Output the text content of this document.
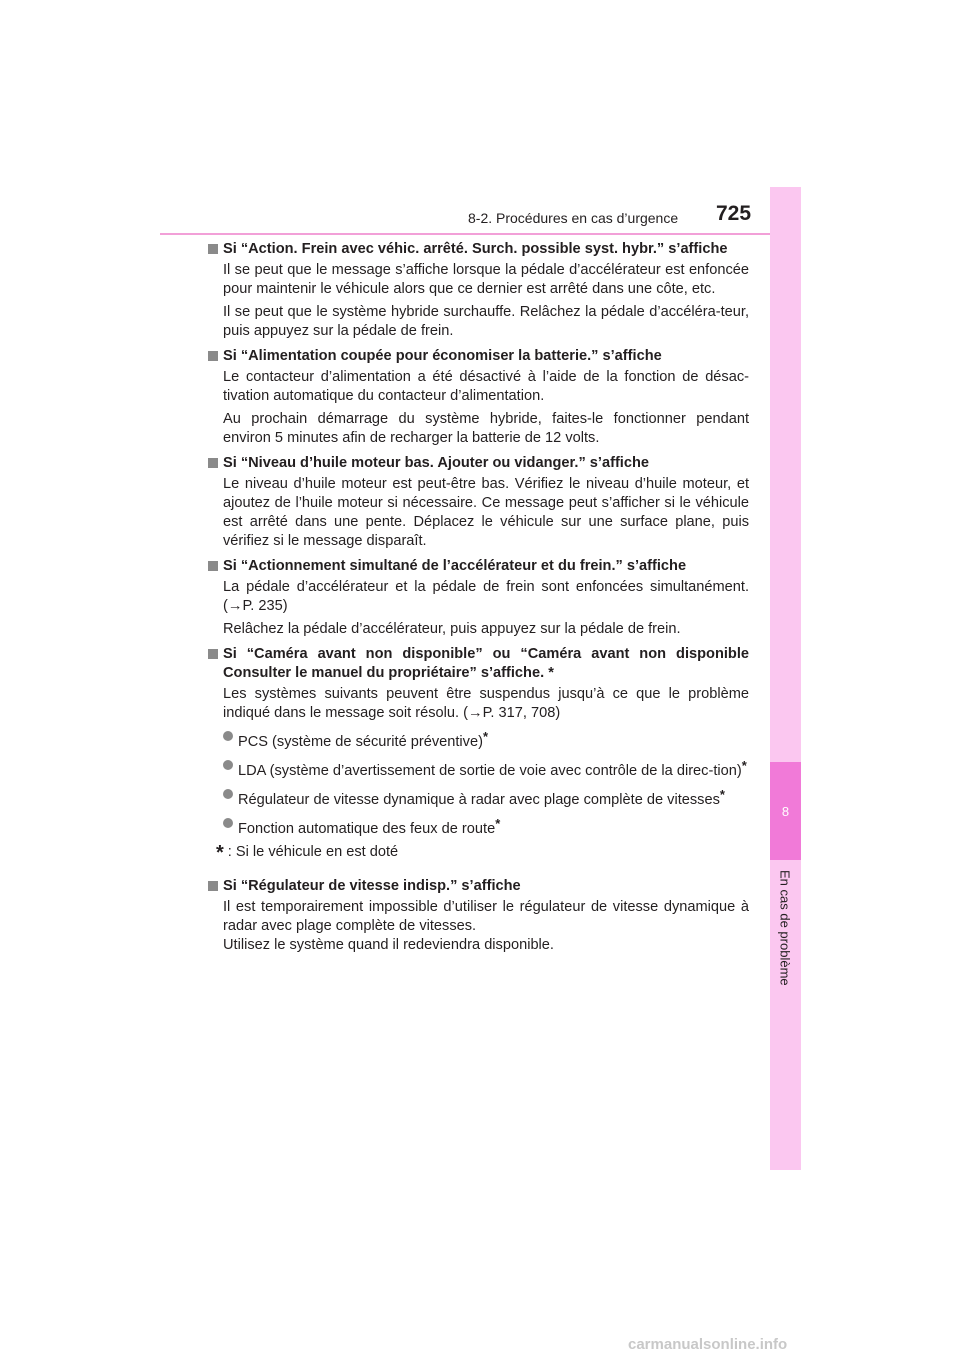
8-2. Procédures en cas d’urgence 725
8
En cas de problème
Si “Action. Frein avec véhic. arrêté. Surch. possible syst. hybr.” s’affiche

Il se peut que le message s’affiche lorsque la pédale d’accélérateur est enfoncée pour maintenir le véhicule alors que ce dernier est arrêté dans une côte, etc.

Il se peut que le système hybride surchauffe. Relâchez la pédale d’accéléra-teur, puis appuyez sur la pédale de frein.

Si “Alimentation coupée pour économiser la batterie.” s’affiche

Le contacteur d’alimentation a été désactivé à l’aide de la fonction de désac-tivation automatique du contacteur d’alimentation.

Au prochain démarrage du système hybride, faites-le fonctionner pendant environ 5 minutes afin de recharger la batterie de 12 volts.

Si “Niveau d’huile moteur bas. Ajouter ou vidanger.” s’affiche

Le niveau d’huile moteur est peut-être bas. Vérifiez le niveau d’huile moteur, et ajoutez de l’huile moteur si nécessaire. Ce message peut s’afficher si le véhicule est arrêté dans une pente. Déplacez le véhicule sur une surface plane, puis vérifiez si le message disparaît.

Si “Actionnement simultané de l’accélérateur et du frein.” s’affiche

La pédale d’accélérateur et la pédale de frein sont enfoncées simultanément. (→P. 235)

Relâchez la pédale d’accélérateur, puis appuyez sur la pédale de frein.

Si “Caméra avant non disponible” ou “Caméra avant non disponible Consulter le manuel du propriétaire” s’affiche. *

Les systèmes suivants peuvent être suspendus jusqu’à ce que le problème indiqué dans le message soit résolu. (→P. 317, 708)

PCS (système de sécurité préventive)*
LDA (système d’avertissement de sortie de voie avec contrôle de la direc-tion)*
Régulateur de vitesse dynamique à radar avec plage complète de vitesses*
Fonction automatique des feux de route*
* : Si le véhicule en est doté
Si “Régulateur de vitesse indisp.” s’affiche
Il est temporairement impossible d’utiliser le régulateur de vitesse dynamique à radar avec plage complète de vitesses.
Utilisez le système quand il redeviendra disponible.
carmanualsonline.info
